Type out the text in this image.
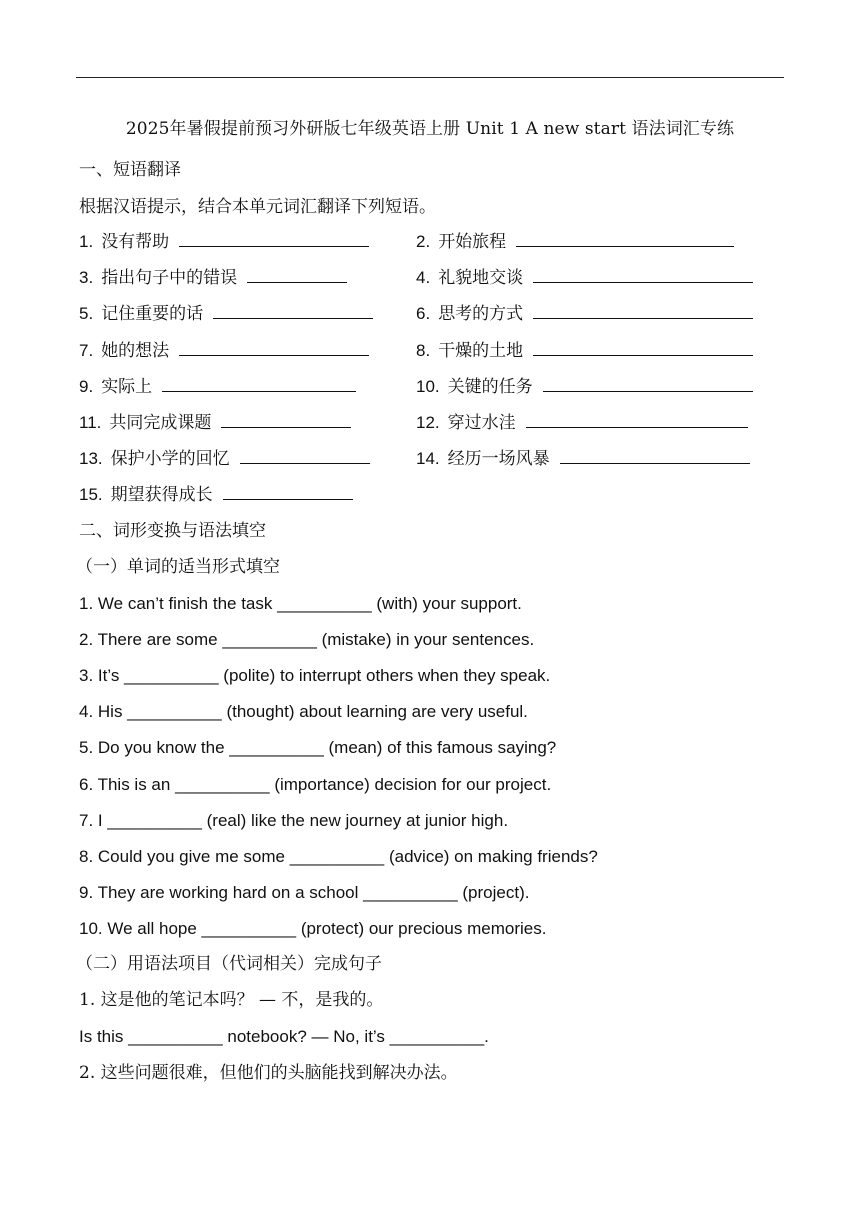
2025年暑假提前预习外研版七年级英语上册 Unit 1 A new start 语法词汇专练
一、短语翻译
根据汉语提示，结合本单元词汇翻译下列短语。
1. 没有帮助	2. 开始旅程
3. 指出句子中的错误	4. 礼貌地交谈
5. 记住重要的话	6. 思考的方式
7. 她的想法	8. 干燥的土地
9. 实际上	10. 关键的任务
11. 共同完成课题	12. 穿过水洼
13. 保护小学的回忆	14. 经历一场风暴
15. 期望获得成长
二、词形变换与语法填空
（一）单词的适当形式填空
1. We can’t finish the task __________ (with) your support.
2. There are some __________ (mistake) in your sentences.
3. It’s __________ (polite) to interrupt others when they speak.
4. His __________ (thought) about learning are very useful.
5. Do you know the __________ (mean) of this famous saying?
6. This is an __________ (importance) decision for our project.
7. I __________ (real) like the new journey at junior high.
8. Could you give me some __________ (advice) on making friends?
9. They are working hard on a school __________ (project).
10. We all hope __________ (protect) our precious memories.
（二）用语法项目（代词相关）完成句子
1. 这是他的笔记本吗？ — 不，是我的。
Is this __________ notebook? — No, it’s __________.
2. 这些问题很难，但他们的头脑能找到解决办法。
